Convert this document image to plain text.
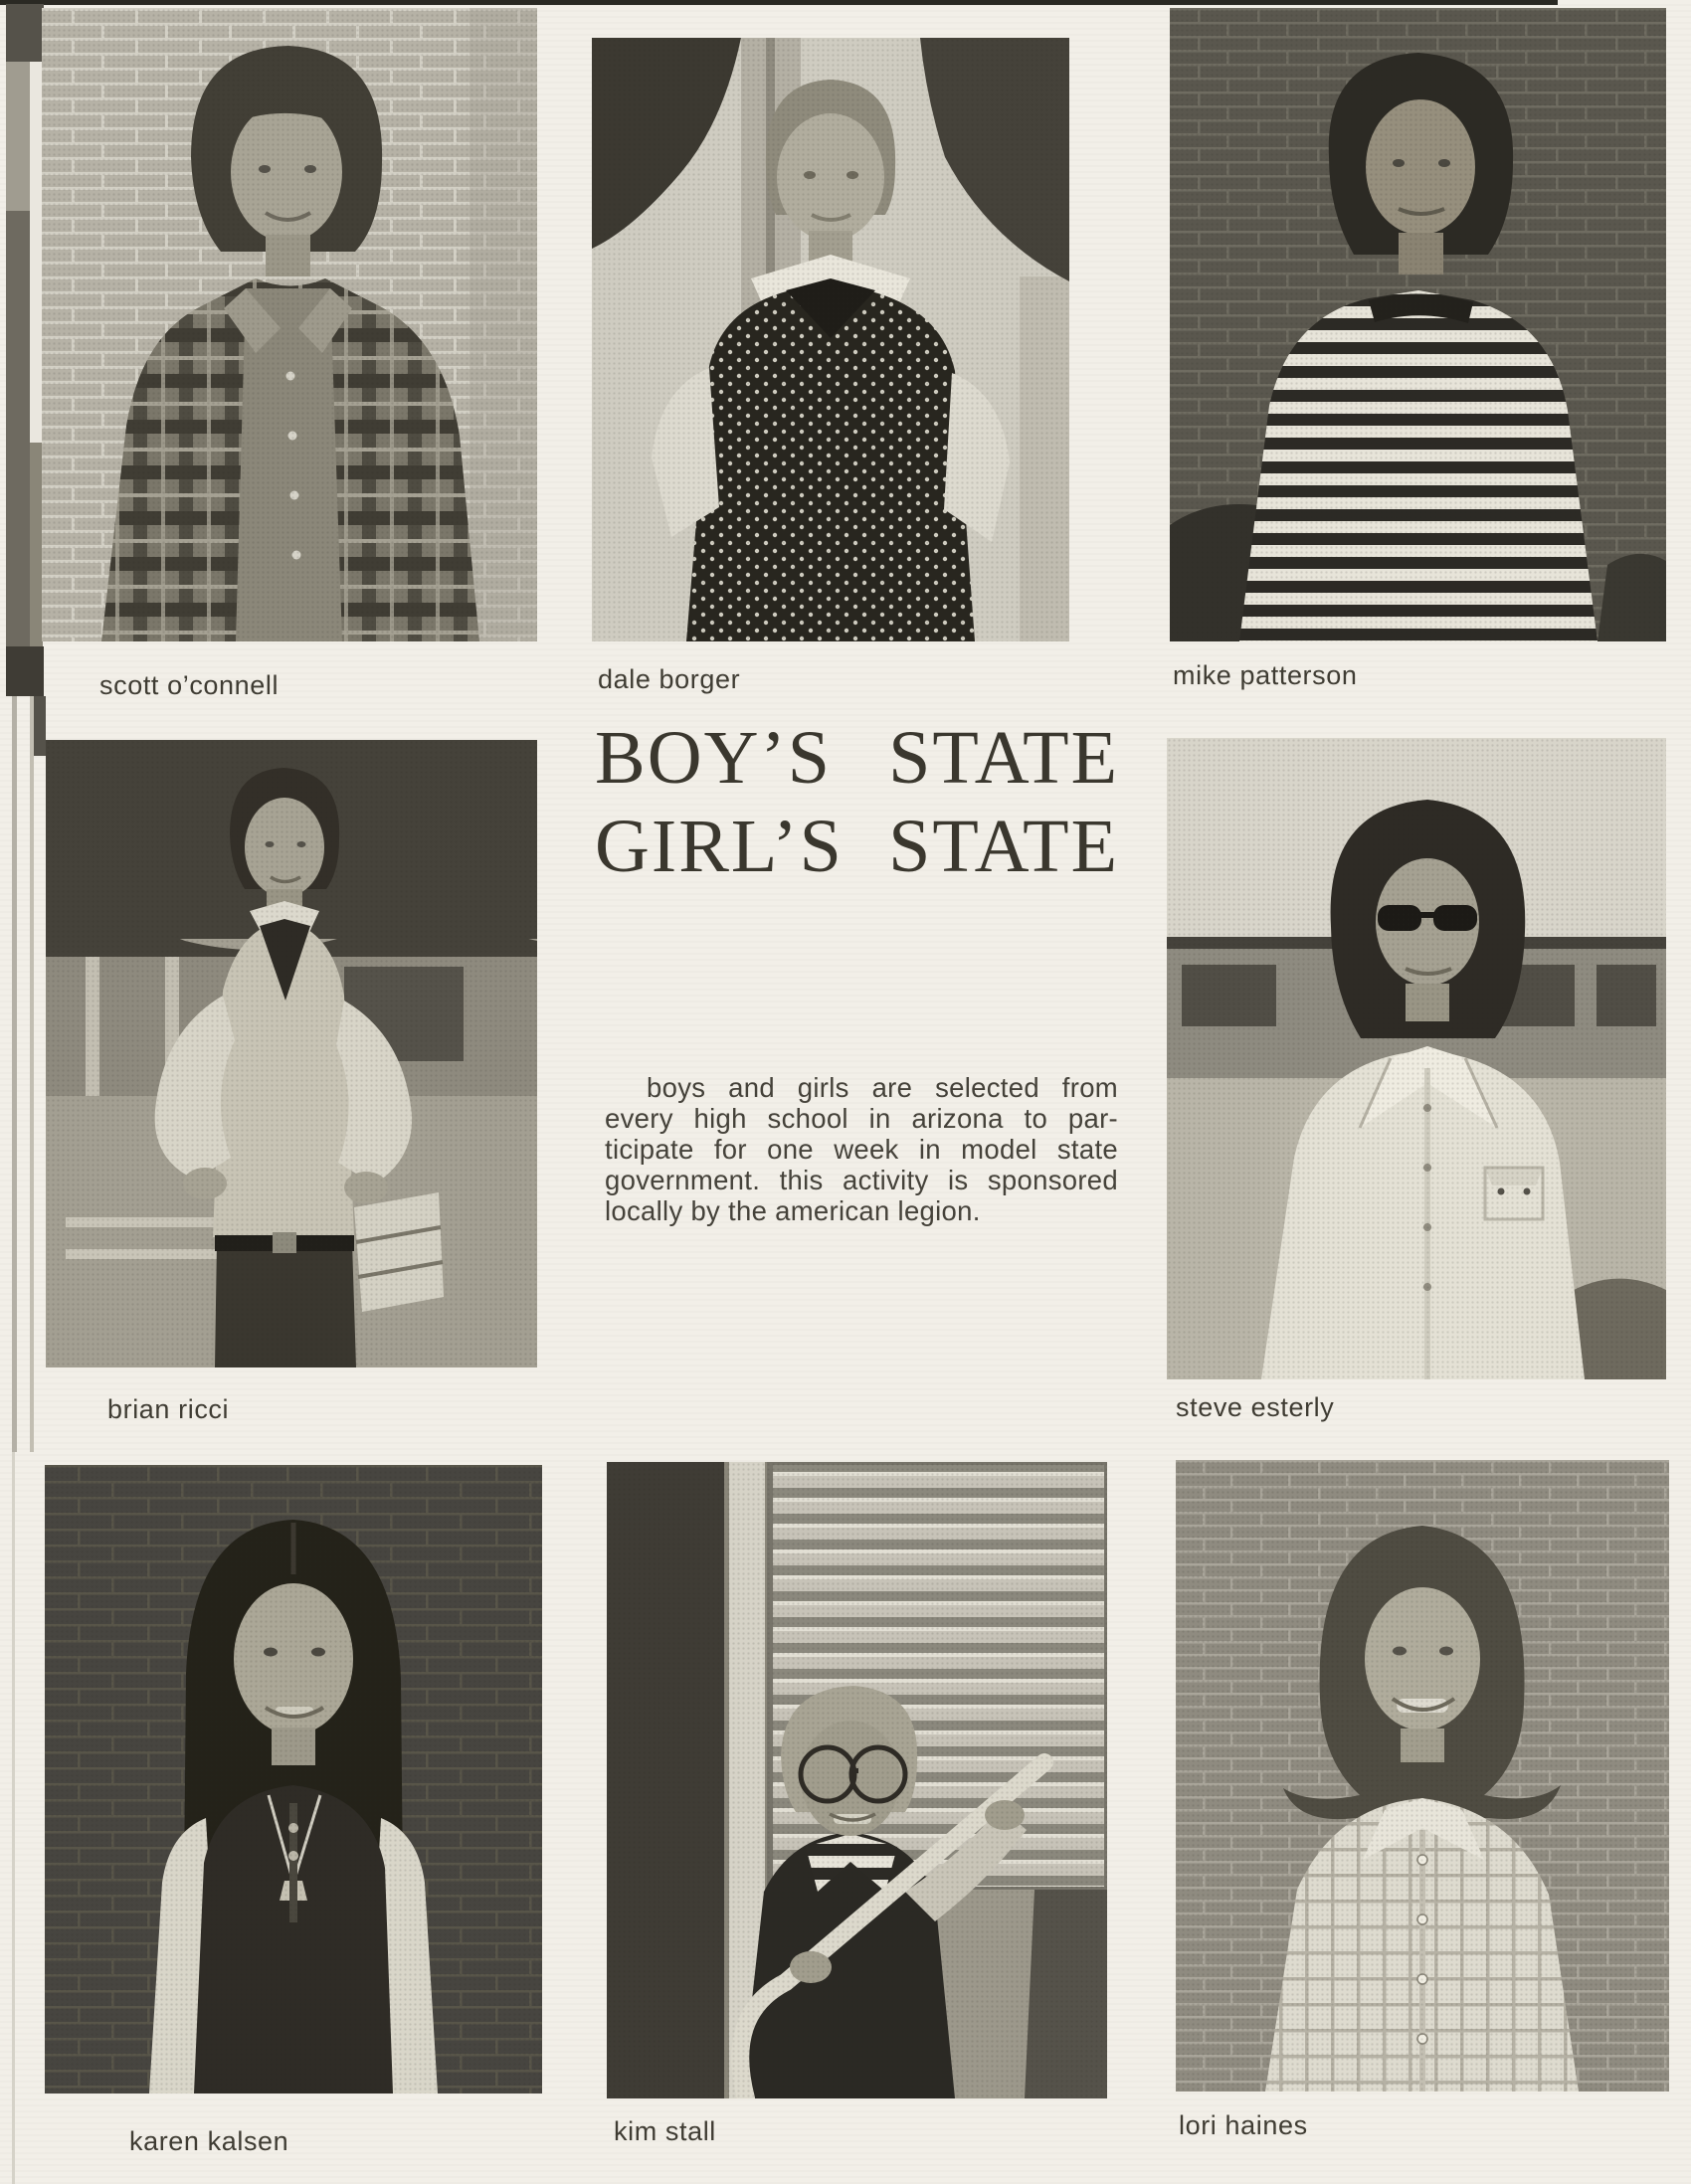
scott o’connell	dale borger	mike patterson
BOY’S STATE
GIRL’S STATE
boys and girls are selected from
every high school in arizona to par-
ticipate for one week in model state
government. this activity is sponsored
locally by the american legion.
brian ricci	steve esterly
karen kalsen	kim stall	lori haines
